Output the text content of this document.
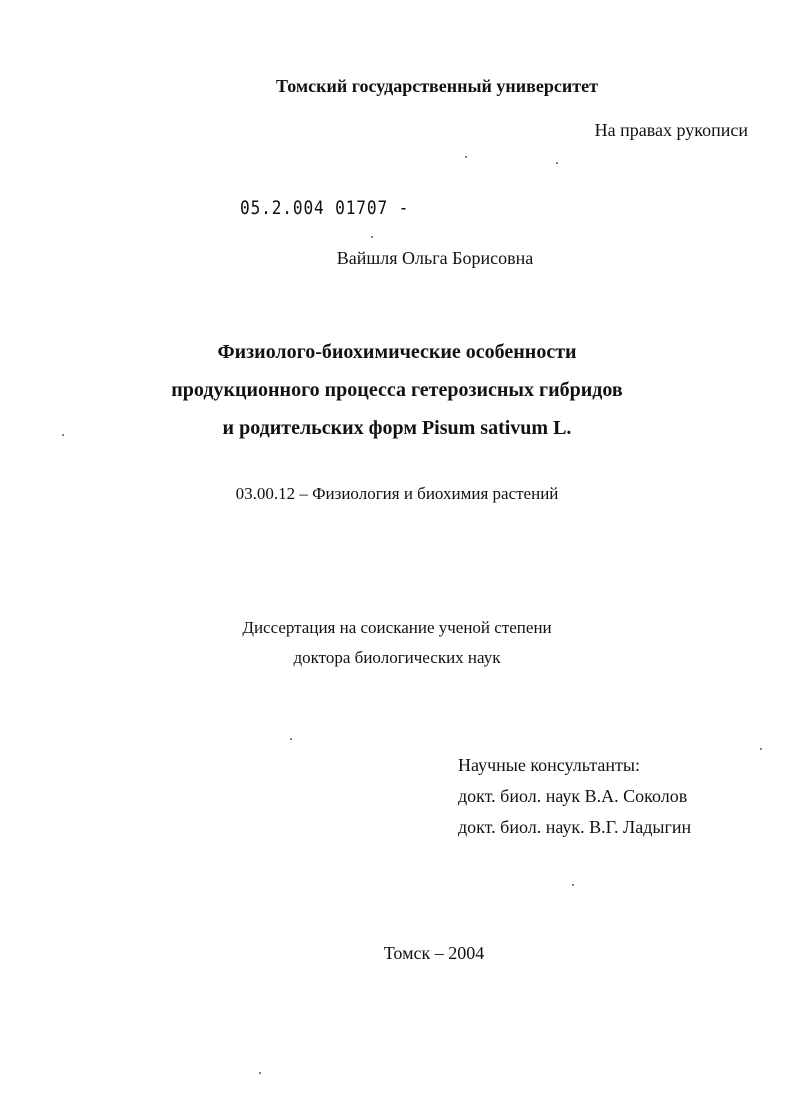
Томский государственный университет
На правах рукописи
05.2.004 01707 -
Вайшля Ольга Борисовна
Физиолого-биохимические особенности
продукционного процесса гетерозисных гибридов
и родительских форм Pisum sativum L.
03.00.12 – Физиология и биохимия растений
Диссертация на соискание ученой степени
доктора биологических наук
Научные консультанты:
докт. биол. наук В.А. Соколов
докт. биол. наук. В.Г. Ладыгин
Томск – 2004
